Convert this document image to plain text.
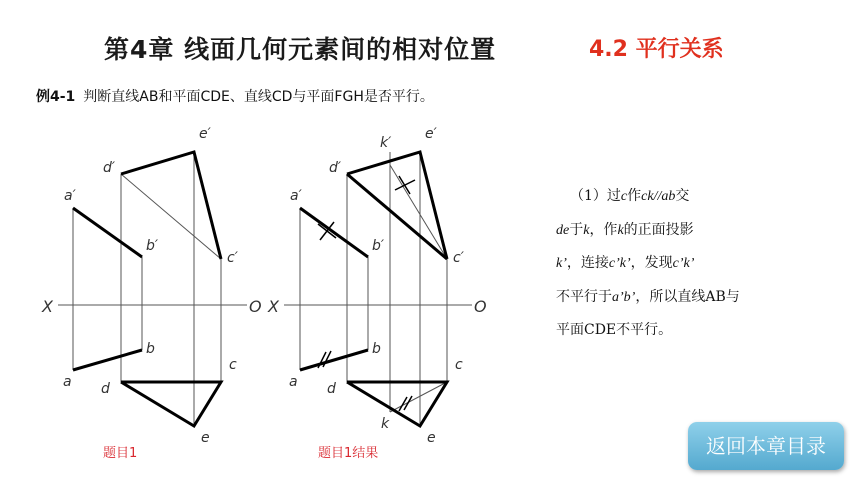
第4章 线面几何元素间的相对位置	4.2 平行关系
例4-1 判断直线AB和平面CDE、直线CD与平面FGH是否平行。
a′
b′
c′
d′
e′
X	O
a
b
c
d
e
a′
b′
c′
d′
e′
k′
X	O
a
b
c
d
e
k
题目1	题目1结果
（1）过c作ck//ab交
de于k，作k的正面投影
k’，连接c’k’，发现c’k’
不平行于a’b’，所以直线AB与平面CDE不平行。
返回本章目录
